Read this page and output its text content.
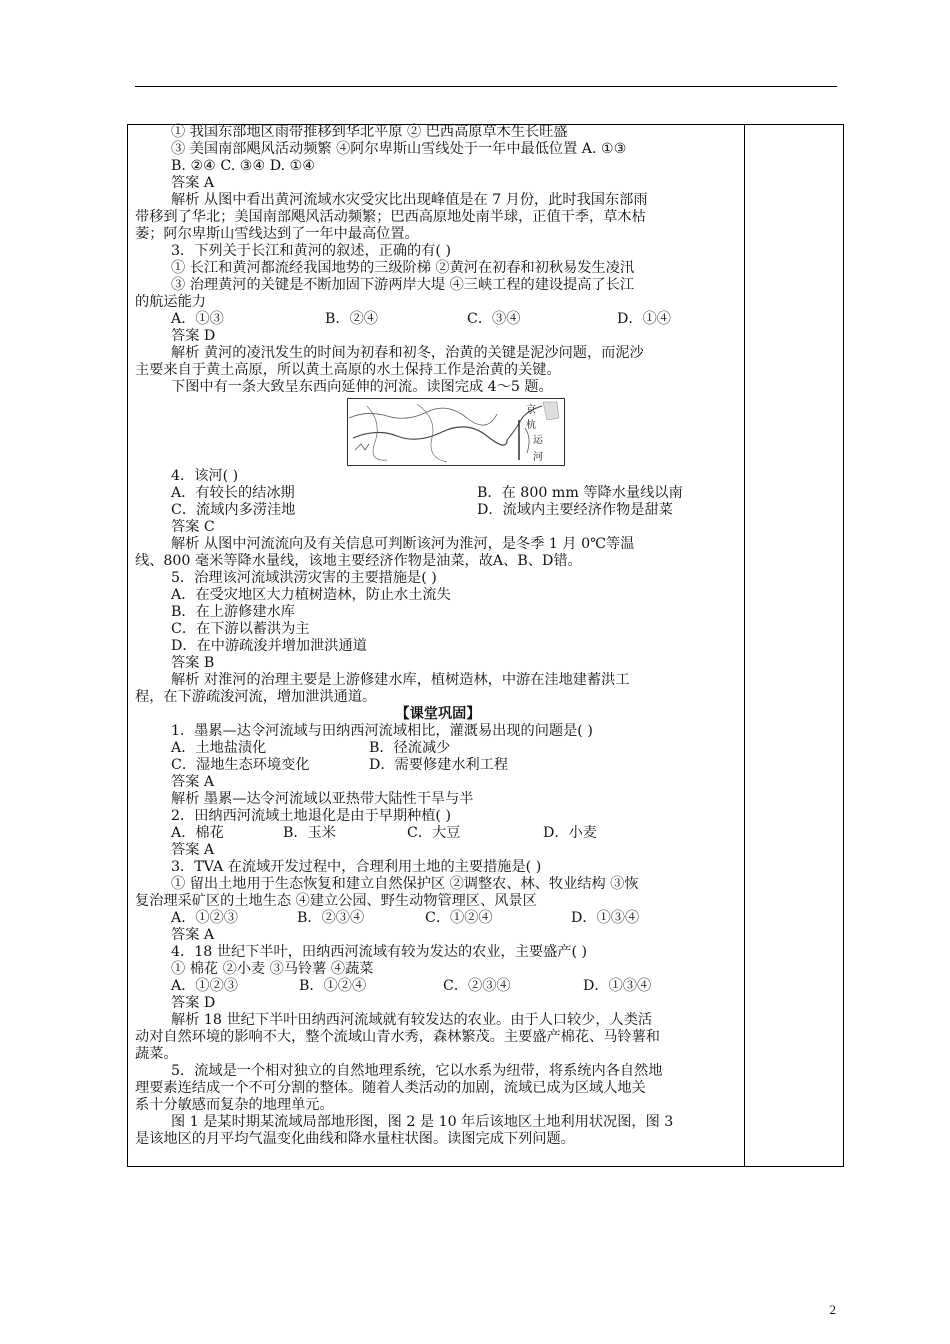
① 我国东部地区雨带推移到华北平原 ② 巴西高原草木生长旺盛
③ 美国南部飓风活动频繁 ④阿尔卑斯山雪线处于一年中最低位置 A. ①③
B. ②④ C. ③④ D. ①④
答案 A
解析 从图中看出黄河流域水灾受灾比出现峰值是在 7 月份，此时我国东部雨
带移到了华北；美国南部飓风活动频繁；巴西高原地处南半球，正值干季，草木枯
萎；阿尔卑斯山雪线达到了一年中最高位置。
3．下列关于长江和黄河的叙述，正确的有( )
① 长江和黄河都流经我国地势的三级阶梯 ②黄河在初春和初秋易发生凌汛
③ 治理黄河的关键是不断加固下游两岸大堤 ④三峡工程的建设提高了长江
的航运能力
A．①③	B．②④	C．③④	D．①④
答案 D
解析 黄河的凌汛发生的时间为初春和初冬，治黄的关键是泥沙问题，而泥沙
主要来自于黄土高原，所以黄土高原的水土保持工作是治黄的关键。
下图中有一条大致呈东西向延伸的河流。读图完成 4～5 题。
京
杭
运
河
4．该河( )
A．有较长的结冰期	B．在 800 mm 等降水量线以南
C．流域内多涝洼地	D．流域内主要经济作物是甜菜
答案 C
解析 从图中河流流向及有关信息可判断该河为淮河，是冬季 1 月 0℃等温
线、800 毫米等降水量线，该地主要经济作物是油菜，故A、B、D错。
5．治理该河流域洪涝灾害的主要措施是( )
A．在受灾地区大力植树造林，防止水土流失
B．在上游修建水库
C．在下游以蓄洪为主
D．在中游疏浚并增加泄洪通道
答案 B
解析 对淮河的治理主要是上游修建水库，植树造林，中游在洼地建蓄洪工
程，在下游疏浚河流，增加泄洪通道。
【课堂巩固】
1．墨累—达令河流域与田纳西河流域相比，灌溉易出现的问题是( )
A．土地盐渍化	B．径流减少
C．湿地生态环境变化	D．需要修建水利工程
答案 A
解析 墨累—达令河流域以亚热带大陆性干旱与半
2．田纳西河流域土地退化是由于早期种植( )
A．棉花	B．玉米	C．大豆	D．小麦
答案 A
3．TVA 在流域开发过程中，合理利用土地的主要措施是( )
① 留出土地用于生态恢复和建立自然保护区 ②调整农、林、牧业结构 ③恢
复治理采矿区的土地生态 ④建立公园、野生动物管理区、风景区
A．①②③	B．②③④	C．①②④	D．①③④
答案 A
4．18 世纪下半叶，田纳西河流域有较为发达的农业，主要盛产( )
① 棉花 ②小麦 ③马铃薯 ④蔬菜
A．①②③	B．①②④	C．②③④	D．①③④
答案 D
解析 18 世纪下半叶田纳西河流域就有较发达的农业。由于人口较少，人类活
动对自然环境的影响不大，整个流域山青水秀，森林繁茂。主要盛产棉花、马铃薯和
蔬菜。
5．流域是一个相对独立的自然地理系统，它以水系为纽带，将系统内各自然地
理要素连结成一个不可分割的整体。随着人类活动的加剧，流域已成为区域人地关
系十分敏感而复杂的地理单元。
图 1 是某时期某流域局部地形图，图 2 是 10 年后该地区土地利用状况图，图 3
是该地区的月平均气温变化曲线和降水量柱状图。读图完成下列问题。
2
